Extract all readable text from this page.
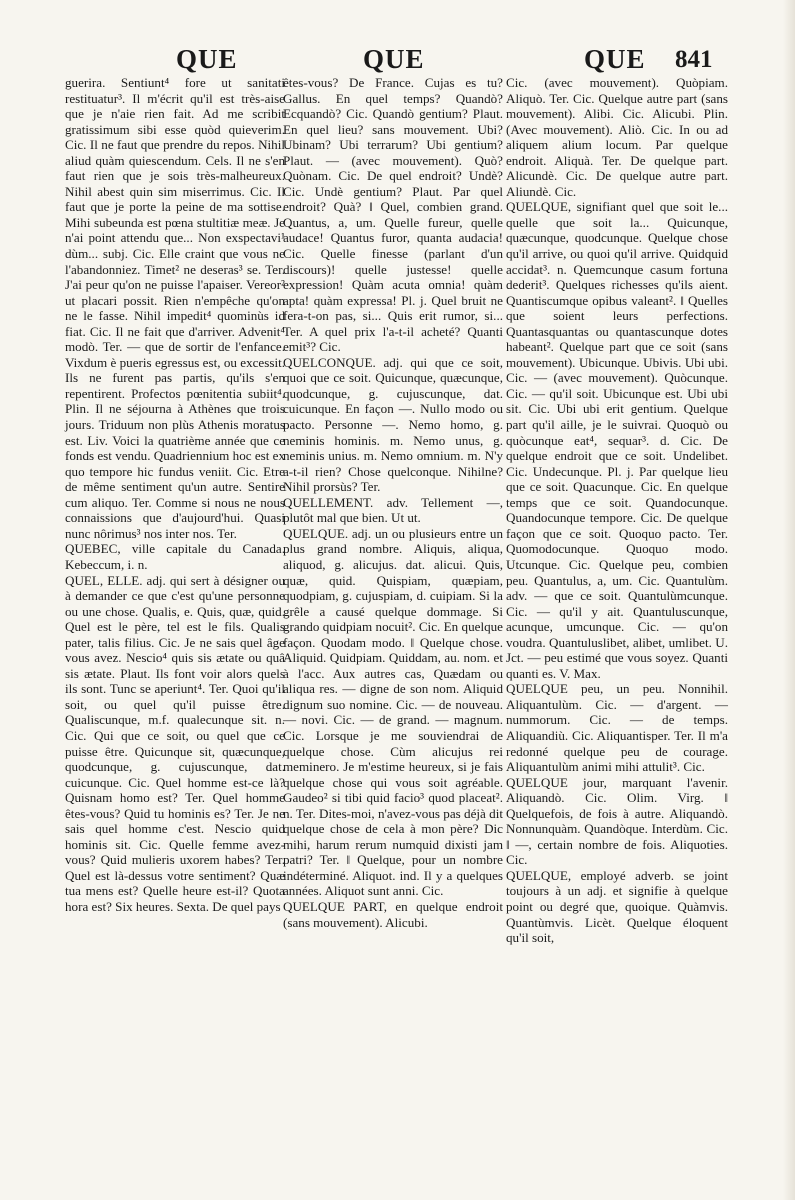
QUE	QUE	QUE 841

guerira. Sentiunt⁴ fore ut sanitati restituatur³. Il m'écrit qu'il est très-aise que je n'aie rien fait. Ad me scribit gratissimum sibi esse quòd quieverim. Cic. Il ne faut que prendre du repos. Nihil aliud quàm quiescendum. Cels. Il ne s'en faut rien que je sois très-malheureux. Nihil abest quin sim miserrimus. Cic. Il faut que je porte la peine de ma sottise. Mihi subeunda est pœna stultitiæ meæ. Je n'ai point attendu que... Non exspectavi¹ dùm... subj. Cic. Elle craint que vous ne l'abandonniez. Timet² ne deseras³ se. Ter. J'ai peur qu'on ne puisse l'apaiser. Vereor² ut placari possit. Rien n'empêche qu'on ne le fasse. Nihil impedit⁴ quominùs id fiat. Cic. Il ne fait que d'arriver. Advenit⁴ modò. Ter. — que de sortir de l'enfance. Vixdum è pueris egressus est, ou excessit. Ils ne furent pas partis, qu'ils s'en repentirent. Profectos pœnitentia subiit⁴. Plin. Il ne séjourna à Athènes que trois jours. Triduum non plùs Athenis moratus est. Liv. Voici la quatrième année que ce fonds est vendu. Quadriennium hoc est ex quo tempore hic fundus veniit. Cic. Etre de même sentiment qu'un autre. Sentire cum aliquo. Ter. Comme si nous ne nous connaissions que d'aujourd'hui. Quasi nunc nôrimus³ nos inter nos. Ter.

QUEBEC, ville capitale du Canada. Kebeccum, i. n.

QUEL, ELLE. adj. qui sert à désigner ou à demander ce que c'est qu'une personne ou une chose. Qualis, e. Quis, quæ, quid. Quel est le père, tel est le fils. Qualis pater, talis filius. Cic. Je ne sais quel âge vous avez. Nescio⁴ quis sis ætate ou quâ sis ætate. Plaut. Ils font voir alors quels ils sont. Tunc se aperiunt⁴. Ter. Quoi qu'il soit, ou quel qu'il puisse être. Qualiscunque, m.f. qualecunque sit. n. Cic. Qui que ce soit, ou quel que ce puisse être. Quicunque sit, quæcunque, quodcunque, g. cujuscunque, dat. cuicunque. Cic. Quel homme est-ce là? Quisnam homo est? Ter. Quel homme êtes-vous? Quid tu hominis es? Ter. Je ne sais quel homme c'est. Nescio quid hominis sit. Cic. Quelle femme avez-vous? Quid mulieris uxorem habes? Ter. Quel est là-dessus votre sentiment? Quæ tua mens est? Quelle heure est-il? Quota hora est? Six heures. Sexta. De quel pays

êtes-vous? De France. Cujas es tu? Gallus. En quel temps? Quandò? Ecquandò? Cic. Quandò gentium? Plaut. En quel lieu? sans mouvement. Ubi? Ubinam? Ubi terrarum? Ubi gentium? Plaut. — (avec mouvement). Quò? Quònam. Cic. De quel endroit? Undè? Cic. Undè gentium? Plaut. Par quel endroit? Quà? ‖ Quel, combien grand. Quantus, a, um. Quelle fureur, quelle audace! Quantus furor, quanta audacia! Cic. Quelle finesse (parlant d'un discours)! quelle justesse! quelle expression! Quàm acuta omnia! quàm apta! quàm expressa! Pl. j. Quel bruit ne fera-t-on pas, si... Quis erit rumor, si... Ter. A quel prix l'a-t-il acheté? Quanti emit³? Cic.

QUELCONQUE. adj. qui que ce soit, quoi que ce soit. Quicunque, quæcunque, quodcunque, g. cujuscunque, dat. cuicunque. En façon —. Nullo modo ou pacto. Personne —. Nemo homo, g. neminis hominis. m. Nemo unus, g. neminis unius. m. Nemo omnium. m. N'y a-t-il rien? Chose quelconque. Nihilne? Nihil prorsùs? Ter.

QUELLEMENT. adv. Tellement —, plutôt mal que bien. Ut ut.

QUELQUE. adj. un ou plusieurs entre un plus grand nombre. Aliquis, aliqua, aliquod, g. alicujus. dat. alicui. Quis, quæ, quid. Quispiam, quæpiam, quodpiam, g. cujuspiam, d. cuipiam. Si la grêle a causé quelque dommage. Si grando quidpiam nocuit². Cic. En quelque façon. Quodam modo. ‖ Quelque chose. Aliquid. Quidpiam. Quiddam, au. nom. et à l'acc. Aux autres cas, Quædam ou aliqua res. — digne de son nom. Aliquid dignum suo nomine. Cic. — de nouveau. — novi. Cic. — de grand. — magnum. Cic. Lorsque je me souviendrai de quelque chose. Cùm alicujus rei meminero. Je m'estime heureux, si je fais quelque chose qui vous soit agréable. Gaudeo² si tibi quid facio³ quod placeat². n. Ter. Dites-moi, n'avez-vous pas déjà dit quelque chose de cela à mon père? Dic mihi, harum rerum numquid dixisti jam patri? Ter. ‖ Quelque, pour un nombre indéterminé. Aliquot. ind. Il y a quelques années. Aliquot sunt anni. Cic.

QUELQUE PART, en quelque endroit (sans mouvement). Alicubi.

Cic. (avec mouvement). Quòpiam. Aliquò. Ter. Cic. Quelque autre part (sans mouvement). Alibi. Cic. Alicubi. Plin. (Avec mouvement). Aliò. Cic. In ou ad aliquem alium locum. Par quelque endroit. Aliquà. Ter. De quelque part. Alicundè. Cic. De quelque autre part. Aliundè. Cic.

QUELQUE, signifiant quel que soit le... quelle que soit la... Quicunque, quæcunque, quodcunque. Quelque chose qu'il arrive, ou quoi qu'il arrive. Quidquid accidat³. n. Quemcunque casum fortuna dederit³. Quelques richesses qu'ils aient. Quantiscumque opibus valeant². ‖ Quelles que soient leurs perfections. Quantasquantas ou quantascunque dotes habeant². Quelque part que ce soit (sans mouvement). Ubicunque. Ubivis. Ubi ubi. Cic. — (avec mouvement). Quòcunque. Cic. — qu'il soit. Ubicunque est. Ubi ubi sit. Cic. Ubi ubi erit gentium. Quelque part qu'il aille, je le suivrai. Quoquò ou quòcunque eat⁴, sequar³. d. Cic. De quelque endroit que ce soit. Undelibet. Cic. Undecunque. Pl. j. Par quelque lieu que ce soit. Quacunque. Cic. En quelque temps que ce soit. Quandocunque. Quandocunque tempore. Cic. De quelque façon que ce soit. Quoquo pacto. Ter. Quomodocunque. Quoquo modo. Utcunque. Cic. Quelque peu, combien peu. Quantulus, a, um. Cic. Quantulùm. adv. — que ce soit. Quantulùmcunque. Cic. — qu'il y ait. Quantuluscunque, acunque, umcunque. Cic. — qu'on voudra. Quantuluslibet, alibet, umlibet. U. Jct. — peu estimé que vous soyez. Quanti quanti es. V. Max.

QUELQUE peu, un peu. Nonnihil. Aliquantulùm. Cic. — d'argent. — nummorum. Cic. — de temps. Aliquandiù. Cic. Aliquantisper. Ter. Il m'a redonné quelque peu de courage. Aliquantulùm animi mihi attulit³. Cic.

QUELQUE jour, marquant l'avenir. Aliquandò. Cic. Olim. Virg. ‖ Quelquefois, de fois à autre. Aliquandò. Nonnunquàm. Quandòque. Interdùm. Cic. ‖ —, certain nombre de fois. Aliquoties. Cic.

QUELQUE, employé adverb. se joint toujours à un adj. et signifie à quelque point ou degré que, quoique. Quàmvis. Quantùmvis. Licèt. Quelque éloquent qu'il soit,
